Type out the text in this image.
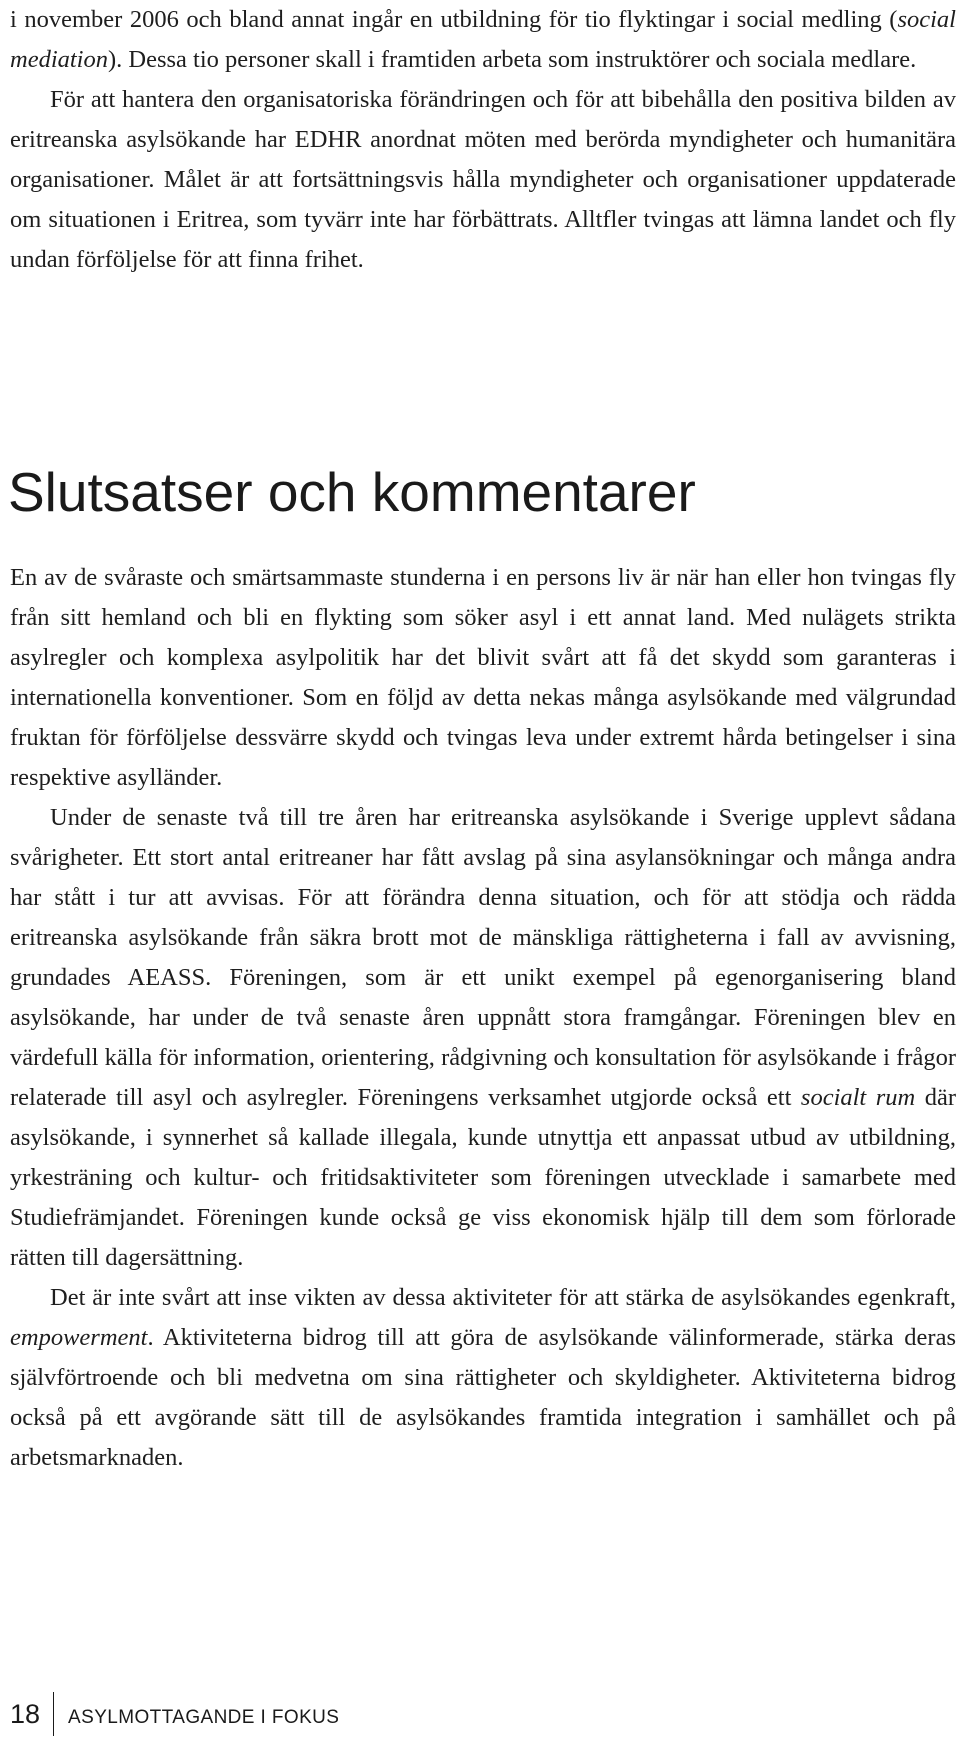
i november 2006 och bland annat ingår en utbildning för tio flyktingar i social medling (social mediation). Dessa tio personer skall i framtiden arbeta som instruktörer och sociala medlare.

För att hantera den organisatoriska förändringen och för att bibehålla den positiva bilden av eritreanska asylsökande har EDHR anordnat möten med berörda myndigheter och humanitära organisationer. Målet är att fortsättningsvis hålla myndigheter och organisationer uppdaterade om situationen i Eritrea, som tyvärr inte har förbättrats. Alltfler tvingas att lämna landet och fly undan förföljelse för att finna frihet.

Slutsatser och kommentarer

En av de svåraste och smärtsammaste stunderna i en persons liv är när han eller hon tvingas fly från sitt hemland och bli en flykting som söker asyl i ett annat land. Med nulägets strikta asylregler och komplexa asylpolitik har det blivit svårt att få det skydd som garanteras i internationella konventioner. Som en följd av detta nekas många asylsökande med välgrundad fruktan för förföljelse dessvärre skydd och tvingas leva under extremt hårda betingelser i sina respektive asylländer.

Under de senaste två till tre åren har eritreanska asylsökande i Sverige upplevt sådana svårigheter. Ett stort antal eritreaner har fått avslag på sina asylansökningar och många andra har stått i tur att avvisas. För att förändra denna situation, och för att stödja och rädda eritreanska asylsökande från säkra brott mot de mänskliga rättigheterna i fall av avvisning, grundades AEASS. Föreningen, som är ett unikt exempel på egenorganisering bland asylsökande, har under de två senaste åren uppnått stora framgångar. Föreningen blev en värdefull källa för information, orientering, rådgivning och konsultation för asylsökande i frågor relaterade till asyl och asylregler. Föreningens verksamhet utgjorde också ett socialt rum där asylsökande, i synnerhet så kallade illegala, kunde utnyttja ett anpassat utbud av utbildning, yrkesträning och kultur- och fritidsaktiviteter som föreningen utvecklade i samarbete med Studiefrämjandet. Föreningen kunde också ge viss ekonomisk hjälp till dem som förlorade rätten till dagersättning.

Det är inte svårt att inse vikten av dessa aktiviteter för att stärka de asylsökandes egenkraft, empowerment. Aktiviteterna bidrog till att göra de asylsökande välinformerade, stärka deras självförtroende och bli medvetna om sina rättigheter och skyldigheter. Aktiviteterna bidrog också på ett avgörande sätt till de asylsökandes framtida integration i samhället och på arbetsmarknaden.

18	ASYLMOTTAGANDE I FOKUS
